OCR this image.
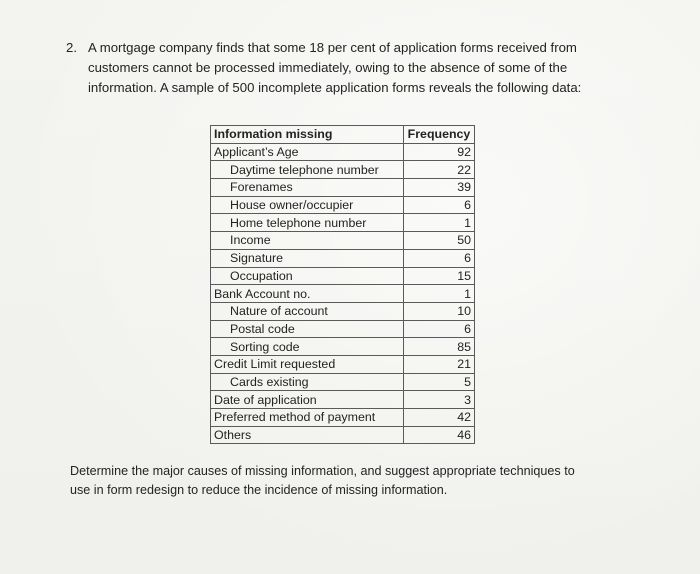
2. A mortgage company finds that some 18 per cent of application forms received from
customers cannot be processed immediately, owing to the absence of some of the
information. A sample of 500 incomplete application forms reveals the following data:
Information missing	Frequency
Applicant’s Age	92
Daytime telephone number	22
Forenames	39
House owner/occupier	6
Home telephone number	1
Income	50
Signature	6
Occupation	15
Bank Account no.	1
Nature of account	10
Postal code	6
Sorting code	85
Credit Limit requested	21
Cards existing	5
Date of application	3
Preferred method of payment	42
Others	46
Determine the major causes of missing information, and suggest appropriate techniques to
use in form redesign to reduce the incidence of missing information.
